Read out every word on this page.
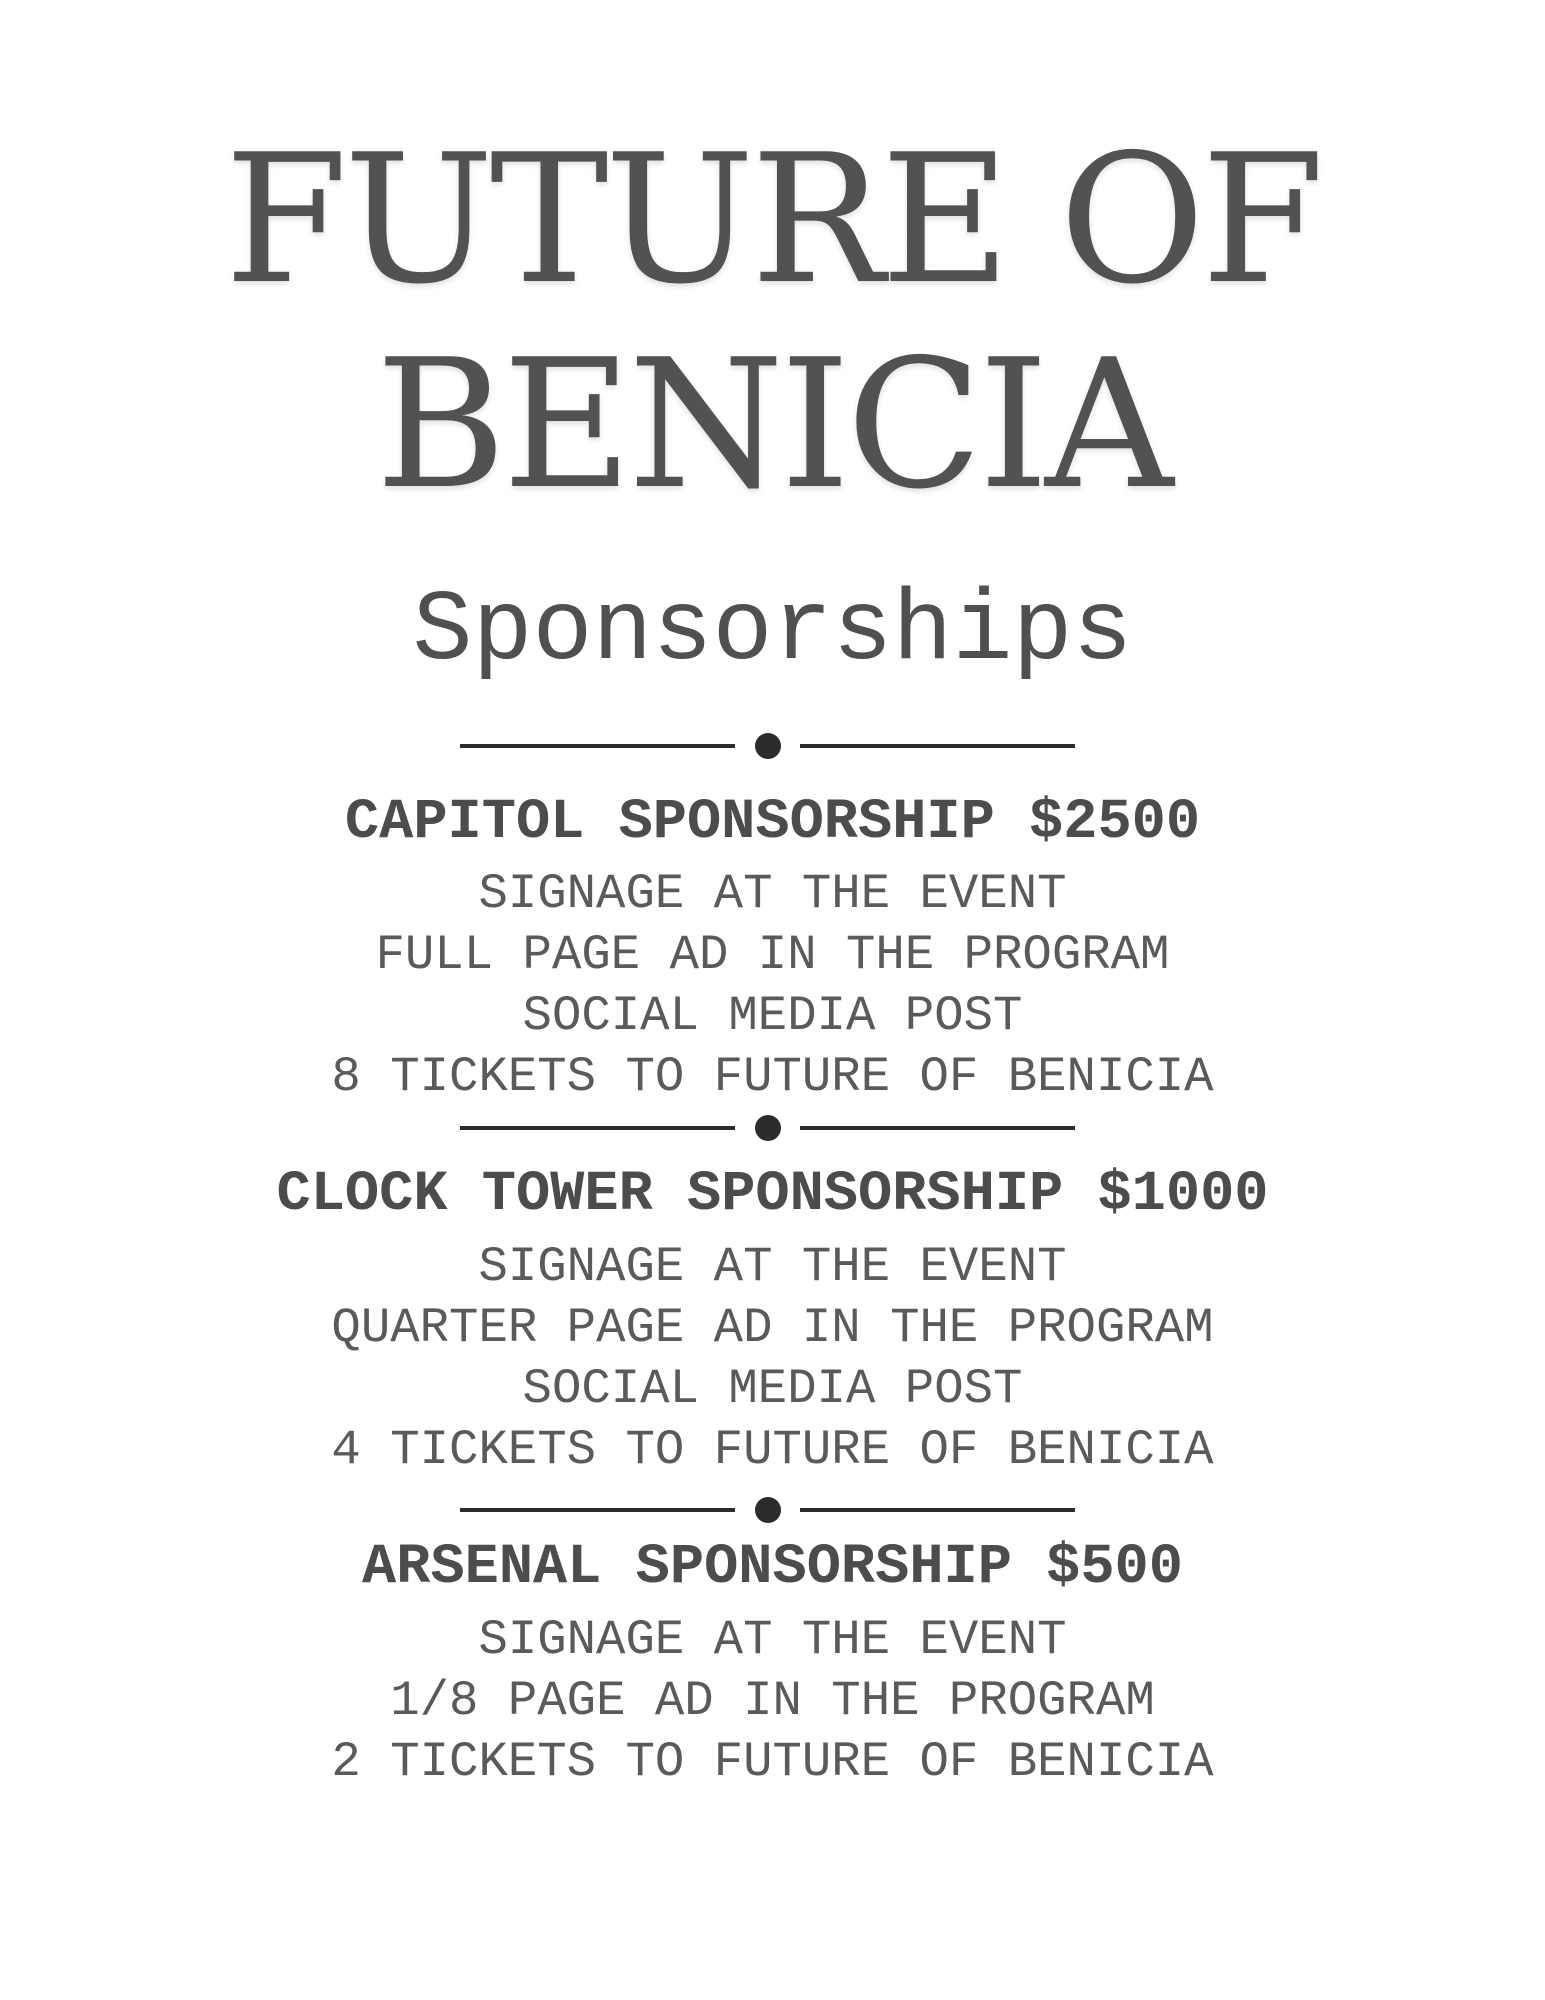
FUTURE OF
BENICIA
Sponsorships
CAPITOL SPONSORSHIP $2500
SIGNAGE AT THE EVENT
FULL PAGE AD IN THE PROGRAM
SOCIAL MEDIA POST
8 TICKETS TO FUTURE OF BENICIA
CLOCK TOWER SPONSORSHIP $1000
SIGNAGE AT THE EVENT
QUARTER PAGE AD IN THE PROGRAM
SOCIAL MEDIA POST
4 TICKETS TO FUTURE OF BENICIA
ARSENAL SPONSORSHIP $500
SIGNAGE AT THE EVENT
1/8 PAGE AD IN THE PROGRAM
2 TICKETS TO FUTURE OF BENICIA
